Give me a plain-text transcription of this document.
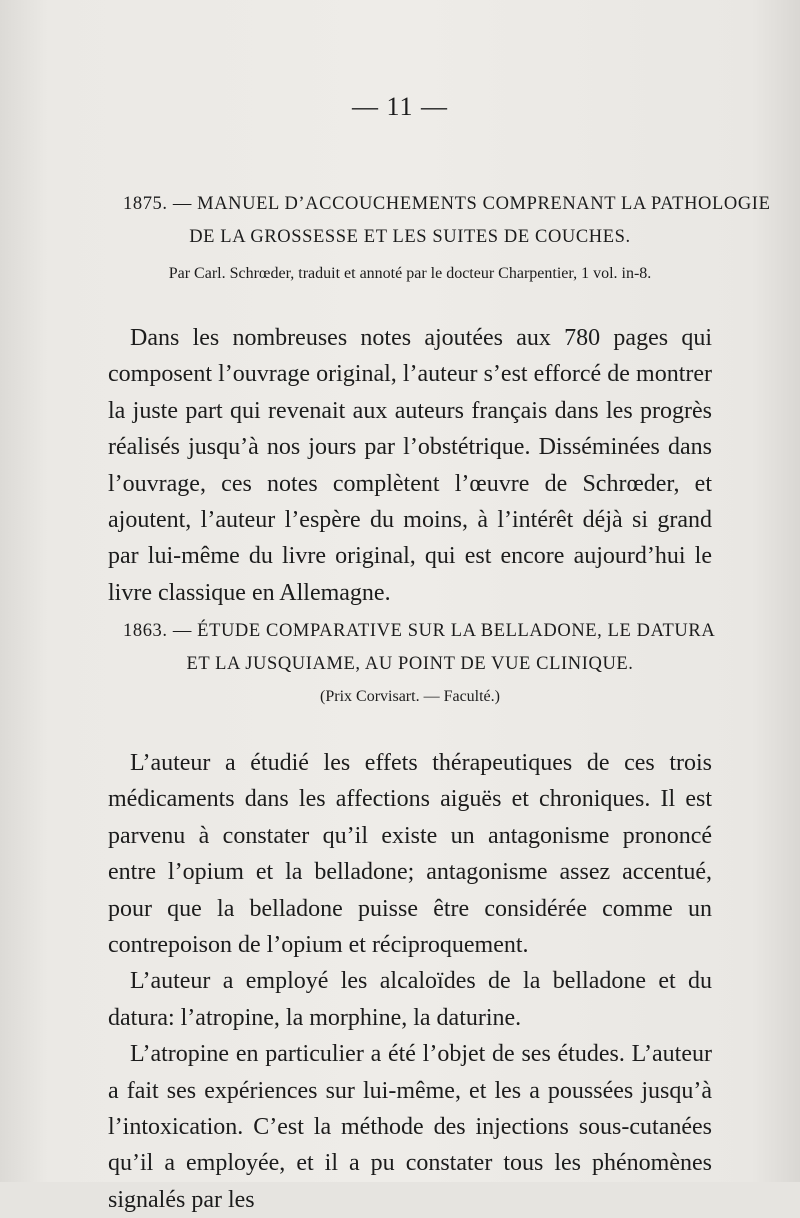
— 11 —
1875. — MANUEL D’ACCOUCHEMENTS COMPRENANT LA PATHOLOGIE
DE LA GROSSESSE ET LES SUITES DE COUCHES.
Par Carl. Schrœder, traduit et annoté par le docteur Charpentier, 1 vol. in-8.

Dans les nombreuses notes ajoutées aux 780 pages qui composent l’ouvrage original, l’auteur s’est efforcé de montrer la juste part qui revenait aux auteurs français dans les progrès réalisés jusqu’à nos jours par l’obstétrique. Disséminées dans l’ouvrage, ces notes complètent l’œuvre de Schrœder, et ajoutent, l’auteur l’espère du moins, à l’intérêt déjà si grand par lui-même du livre original, qui est encore aujourd’hui le livre classique en Allemagne.

1863. — ÉTUDE COMPARATIVE SUR LA BELLADONE, LE DATURA
ET LA JUSQUIAME, AU POINT DE VUE CLINIQUE.
(Prix Corvisart. — Faculté.)

L’auteur a étudié les effets thérapeutiques de ces trois médicaments dans les affections aiguës et chroniques. Il est parvenu à constater qu’il existe un antagonisme prononcé entre l’opium et la belladone; antagonisme assez accentué, pour que la belladone puisse être considérée comme un contrepoison de l’opium et réciproquement.

L’auteur a employé les alcaloïdes de la belladone et du datura: l’atropine, la morphine, la daturine.

L’atropine en particulier a été l’objet de ses études. L’auteur a fait ses expériences sur lui-même, et les a poussées jusqu’à l’intoxication. C’est la méthode des injections sous-cutanées qu’il a employée, et il a pu constater tous les phénomènes signalés par les
